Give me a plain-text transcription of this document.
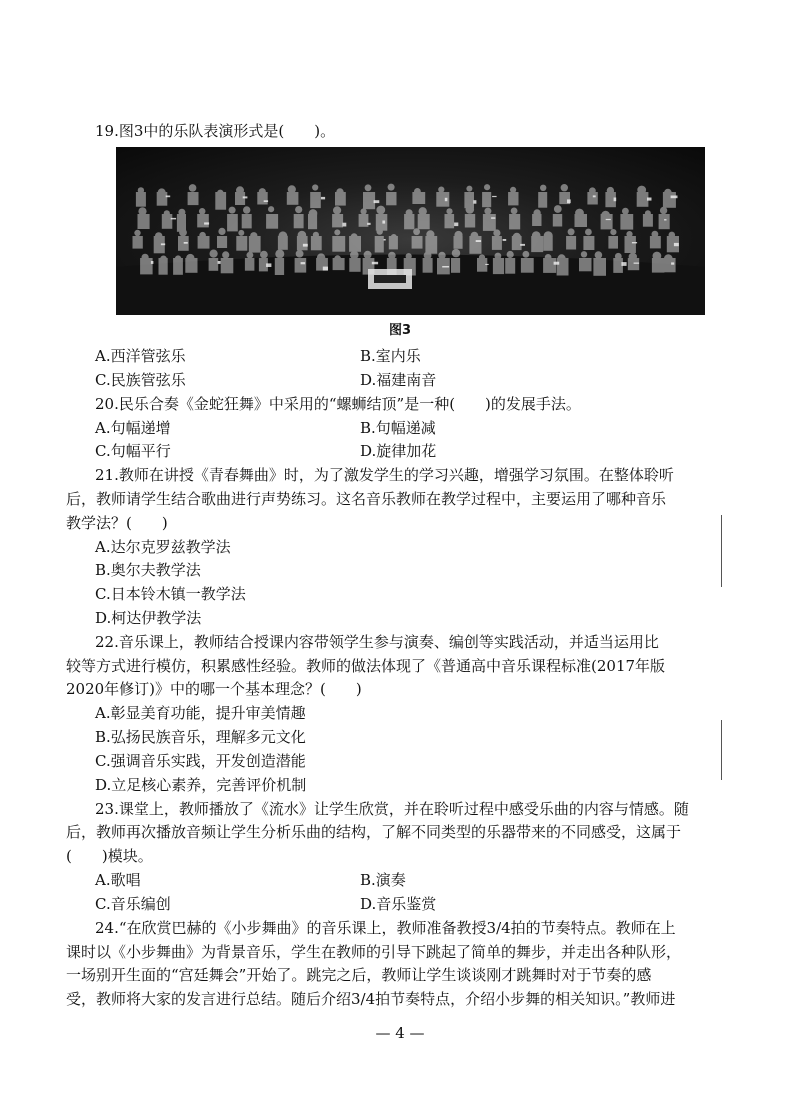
19.图3中的乐队表演形式是(　　)。
图3
A.西洋管弦乐	B.室内乐
C.民族管弦乐	D.福建南音
20.民乐合奏《金蛇狂舞》中采用的“螺蛳结顶”是一种(　　)的发展手法。
A.句幅递增	B.句幅递减
C.句幅平行	D.旋律加花
21.教师在讲授《青春舞曲》时，为了激发学生的学习兴趣，增强学习氛围。在整体聆听
后，教师请学生结合歌曲进行声势练习。这名音乐教师在教学过程中，主要运用了哪种音乐
教学法？(　　)
A.达尔克罗兹教学法
B.奥尔夫教学法
C.日本铃木镇一教学法
D.柯达伊教学法
22.音乐课上，教师结合授课内容带领学生参与演奏、编创等实践活动，并适当运用比
较等方式进行模仿，积累感性经验。教师的做法体现了《普通高中音乐课程标准(2017年版
2020年修订)》中的哪一个基本理念？(　　)
A.彰显美育功能，提升审美情趣
B.弘扬民族音乐，理解多元文化
C.强调音乐实践，开发创造潜能
D.立足核心素养，完善评价机制
23.课堂上，教师播放了《流水》让学生欣赏，并在聆听过程中感受乐曲的内容与情感。随
后，教师再次播放音频让学生分析乐曲的结构，了解不同类型的乐器带来的不同感受，这属于
(　　)模块。
A.歌唱	B.演奏
C.音乐编创	D.音乐鉴赏
24.“在欣赏巴赫的《小步舞曲》的音乐课上，教师准备教授3/4拍的节奏特点。教师在上
课时以《小步舞曲》为背景音乐，学生在教师的引导下跳起了简单的舞步，并走出各种队形，
一场别开生面的“宫廷舞会”开始了。跳完之后，教师让学生谈谈刚才跳舞时对于节奏的感
受，教师将大家的发言进行总结。随后介绍3/4拍节奏特点，介绍小步舞的相关知识。”教师进
— 4 —
